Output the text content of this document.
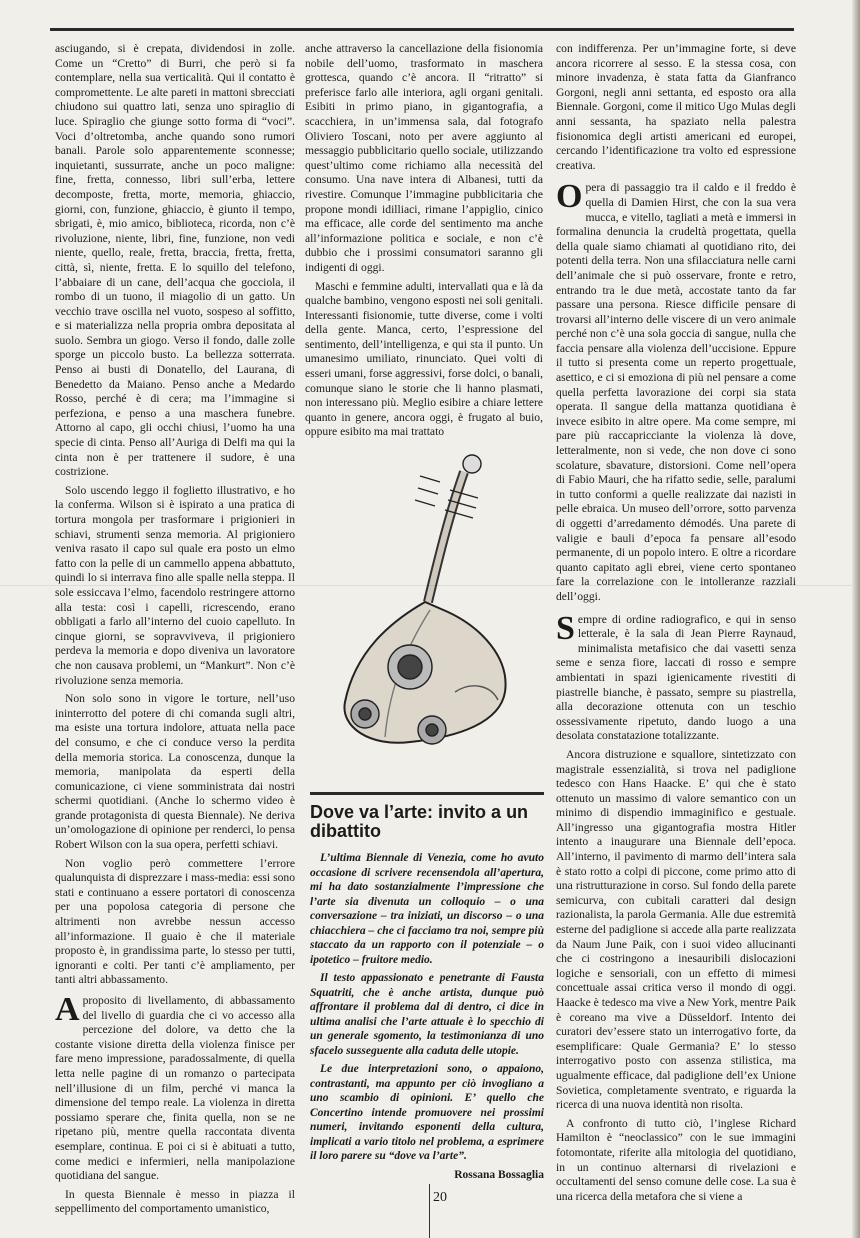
asciugando, si è crepata, dividendosi in zolle. Come un “Cretto” di Burri, che però si fa contemplare, nella sua verticalità. Qui il contatto è compromettente. Le alte pareti in mattoni sbrecciati chiudono sui quattro lati, senza uno spiraglio di luce. Spiraglio che giunge sotto forma di “voci”. Voci d’oltretomba, anche quando sono rumori banali. Parole solo apparentemente sconnesse; inquietanti, sussurrate, anche un poco maligne: fine, fretta, connesso, libri sull’erba, lettere decomposte, fretta, morte, memoria, ghiaccio, giorni, con, funzione, ghiaccio, è giunto il tempo, sbrigati, è, mio amico, biblioteca, ricorda, non c’è rivoluzione, niente, libri, fine, funzione, non vedi niente, quello, reale, fretta, braccia, fretta, fretta, città, sì, niente, fretta. E lo squillo del telefono, l’abbaiare di un cane, dell’acqua che gocciola, il rombo di un tuono, il miagolio di un gatto. Un vecchio trave oscilla nel vuoto, sospeso al soffitto, e si materializza nella propria ombra depositata al suolo. Sembra un giogo. Verso il fondo, dalle zolle sporge un piccolo busto. La bellezza sotterrata. Penso ai busti di Donatello, del Laurana, di Benedetto da Maiano. Penso anche a Medardo Rosso, perché è di cera; ma l’immagine si perfeziona, e penso a una maschera funebre. Attorno al capo, gli occhi chiusi, l’uomo ha una specie di cinta. Penso all’Auriga di Delfi ma qui la cinta non è per trattenere il sudore, è una costrizione.

Solo uscendo leggo il foglietto illustrativo, e ho la conferma. Wilson si è ispirato a una pratica di tortura mongola per trasformare i prigionieri in schiavi, strumenti senza memoria. Al prigioniero veniva rasato il capo sul quale era posto un elmo fatto con la pelle di un cammello appena abbattuto, quindi lo si interrava fino alle spalle nella steppa. Il sole essiccava l’elmo, facendolo restringere attorno alla testa: così i capelli, ricrescendo, erano obbligati a farlo all’interno del cuoio capelluto. In cinque giorni, se sopravviveva, il prigioniero perdeva la memoria e dopo diveniva un lavoratore che non causava problemi, un “Mankurt”. Non c’è rivoluzione senza memoria.

Non solo sono in vigore le torture, nell’uso ininterrotto del potere di chi comanda sugli altri, ma esiste una tortura indolore, attuata nella pace del consumo, e che ci conduce verso la perdita della memoria storica. La conoscenza, dunque la memoria, manipolata da esperti della comunicazione, ci viene somministrata dai nostri schermi quotidiani. (Anche lo schermo video è grande protagonista di questa Biennale). Ne deriva un’omologazione di opinione per renderci, lo pensa Robert Wilson con la sua opera, perfetti schiavi.

Non voglio però commettere l’errore qualunquista di disprezzare i mass-media: essi sono stati e continuano a essere portatori di conoscenza per una popolosa categoria di persone che altrimenti non avrebbe nessun accesso all’informazione. Il guaio è che il materiale proposto è, in grandissima parte, lo stesso per tutti, ignoranti e colti. Per tanti c’è ampliamento, per tanti altri abbassamento.

A proposito di livellamento, di abbassamento del livello di guardia che ci vo accesso alla percezione del dolore, va detto che la costante visione diretta della violenza finisce per fare meno impressione, paradossalmente, di quella letta nelle pagine di un romanzo o partecipata nell’illusione di un film, perché vi manca la dimensione del tempo reale. La violenza in diretta possiamo sperare che, finita quella, non se ne ripetano più, mentre quella raccontata diventa esemplare, continua. E poi ci si è abituati a tutto, come medici e infermieri, nella manipolazione quotidiana del sangue.

In questa Biennale è messo in piazza il seppellimento del comportamento umanistico,

anche attraverso la cancellazione della fisionomia nobile dell’uomo, trasformato in maschera grottesca, quando c’è ancora. Il “ritratto” si preferisce farlo alle interiora, agli organi genitali. Esibiti in primo piano, in gigantografia, a scacchiera, in un’immensa sala, dal fotografo Oliviero Toscani, noto per avere aggiunto al messaggio pubblicitario quello sociale, utilizzando quest’ultimo come richiamo alla necessità del consumo. Una nave intera di Albanesi, tutti da rivestire. Comunque l’immagine pubblicitaria che propone mondi idilliaci, rimane l’appiglio, cinico ma efficace, alle corde del sentimento ma anche all’informazione politica e sociale, e non c’è dubbio che i prossimi consumatori saranno gli indigenti di oggi.

Maschi e femmine adulti, intervallati qua e là da qualche bambino, vengono esposti nei soli genitali. Interessanti fisionomie, tutte diverse, come i volti della gente. Manca, certo, l’espressione del sentimento, dell’intelligenza, e qui sta il punto. Un umanesimo umiliato, rinunciato. Quei volti di esseri umani, forse aggressivi, forse dolci, o banali, comunque siano le storie che li hanno plasmati, non interessano più. Meglio esibire a chiare lettere quanto in genere, ancora oggi, è frugato al buio, oppure esibito ma mai trattato

Dove va l’arte: invito a un dibattito

L’ultima Biennale di Venezia, come ho avuto occasione di scrivere recensendola all’apertura, mi ha dato sostanzialmente l’impressione che l’arte sia divenuta un colloquio – o una conversazione – tra iniziati, un discorso – o una chiacchiera – che ci facciamo tra noi, sempre più staccato da un rapporto con il potenziale – o ipotetico – fruitore medio.

Il testo appassionato e penetrante di Fausta Squatriti, che è anche artista, dunque può affrontare il problema dal di dentro, ci dice in ultima analisi che l’arte attuale è lo specchio di un generale sgomento, la testimonianza di uno sfacelo susseguente alla caduta delle utopie.

Le due interpretazioni sono, o appaiono, contrastanti, ma appunto per ciò invogliano a uno scambio di opinioni. E’ quello che Concertino intende promuovere nei prossimi numeri, invitando esponenti della cultura, implicati a vario titolo nel problema, a esprimere il loro parere su “dove va l’arte”.

Rossana Bossaglia

con indifferenza. Per un’immagine forte, si deve ancora ricorrere al sesso. E la stessa cosa, con minore invadenza, è stata fatta da Gianfranco Gorgoni, negli anni settanta, ed esposto ora alla Biennale. Gorgoni, come il mitico Ugo Mulas degli anni sessanta, ha spaziato nella palestra fisionomica degli artisti americani ed europei, cercando l’identificazione tra volto ed espressione creativa.

Opera di passaggio tra il caldo e il freddo è quella di Damien Hirst, che con la sua vera mucca, e vitello, tagliati a metà e immersi in formalina denuncia la crudeltà progettata, quella della quale siamo chiamati al quotidiano rito, dei potenti della terra. Non una sfilacciatura nelle carni dell’animale che si può osservare, fronte e retro, entrando tra le due metà, accostate tanto da far passare una persona. Riesce difficile pensare di trovarsi all’interno delle viscere di un vero animale perché non c’è una sola goccia di sangue, nulla che faccia pensare alla violenza dell’uccisione. Eppure il tutto si presenta come un reperto progettuale, asettico, e ci si emoziona di più nel pensare a come quella perfetta lavorazione dei corpi sia stata operata. Il sangue della mattanza quotidiana è invece esibito in altre opere. Ma come sempre, mi pare più raccapricciante la violenza là dove, letteralmente, non si vede, che non dove ci sono scolature, sbavature, distorsioni. Come nell’opera di Fabio Mauri, che ha rifatto sedie, selle, paralumi in tutto conformi a quelle realizzate dai nazisti in pelle ebraica. Un museo dell’orrore, sotto parvenza di oggetti d’arredamento démodés. Una parete di valigie e bauli d’epoca fa pensare all’esodo permanente, di un popolo intero. E oltre a ricordare quanto capitato agli ebrei, viene certo spontaneo fare la correlazione con le intolleranze razziali dell’oggi.

Sempre di ordine radiografico, e qui in senso letterale, è la sala di Jean Pierre Raynaud, minimalista metafisico che dai vasetti senza seme e senza fiore, laccati di rosso e sempre ambientati in spazi igienicamente rivestiti di piastrelle bianche, è passato, sempre su piastrella, alla decorazione ottenuta con un teschio ossessivamente ripetuto, dando luogo a una desolata constatazione totalizzante.

Ancora distruzione e squallore, sintetizzato con magistrale essenzialità, si trova nel padiglione tedesco con Hans Haacke. E’ qui che è stato ottenuto un massimo di valore semantico con un minimo di dispendio immaginifico e gestuale. All’ingresso una gigantografia mostra Hitler intento a inaugurare una Biennale dell’epoca. All’interno, il pavimento di marmo dell’intera sala è stato rotto a colpi di piccone, come primo atto di una ristrutturazione in corso. Sul fondo della parete semicurva, con cubitali caratteri dal design razionalista, la parola Germania. Alle due estremità esterne del padiglione si accede alla parte realizzata da Naum June Paik, con i suoi video allucinanti che ci costringono a inesauribili dislocazioni logiche e sensoriali, con un effetto di mimesi concettuale assai critica verso il mondo di oggi. Haacke è tedesco ma vive a New York, mentre Paik è coreano ma vive a Düsseldorf. Intento dei curatori dev’essere stato un interrogativo forte, da esemplificare: Quale Germania? E’ lo stesso interrogativo posto con assenza stilistica, ma ugualmente efficace, dal padiglione dell’ex Unione Sovietica, completamente sventrato, e riguarda la ricerca di una nuova identità non risolta.

A confronto di tutto ciò, l’inglese Richard Hamilton è “neoclassico” con le sue immagini fotomontate, riferite alla mitologia del quotidiano, in un continuo alternarsi di rivelazioni e occultamenti del senso comune delle cose. La sua è una ricerca della metafora che si viene a

20
